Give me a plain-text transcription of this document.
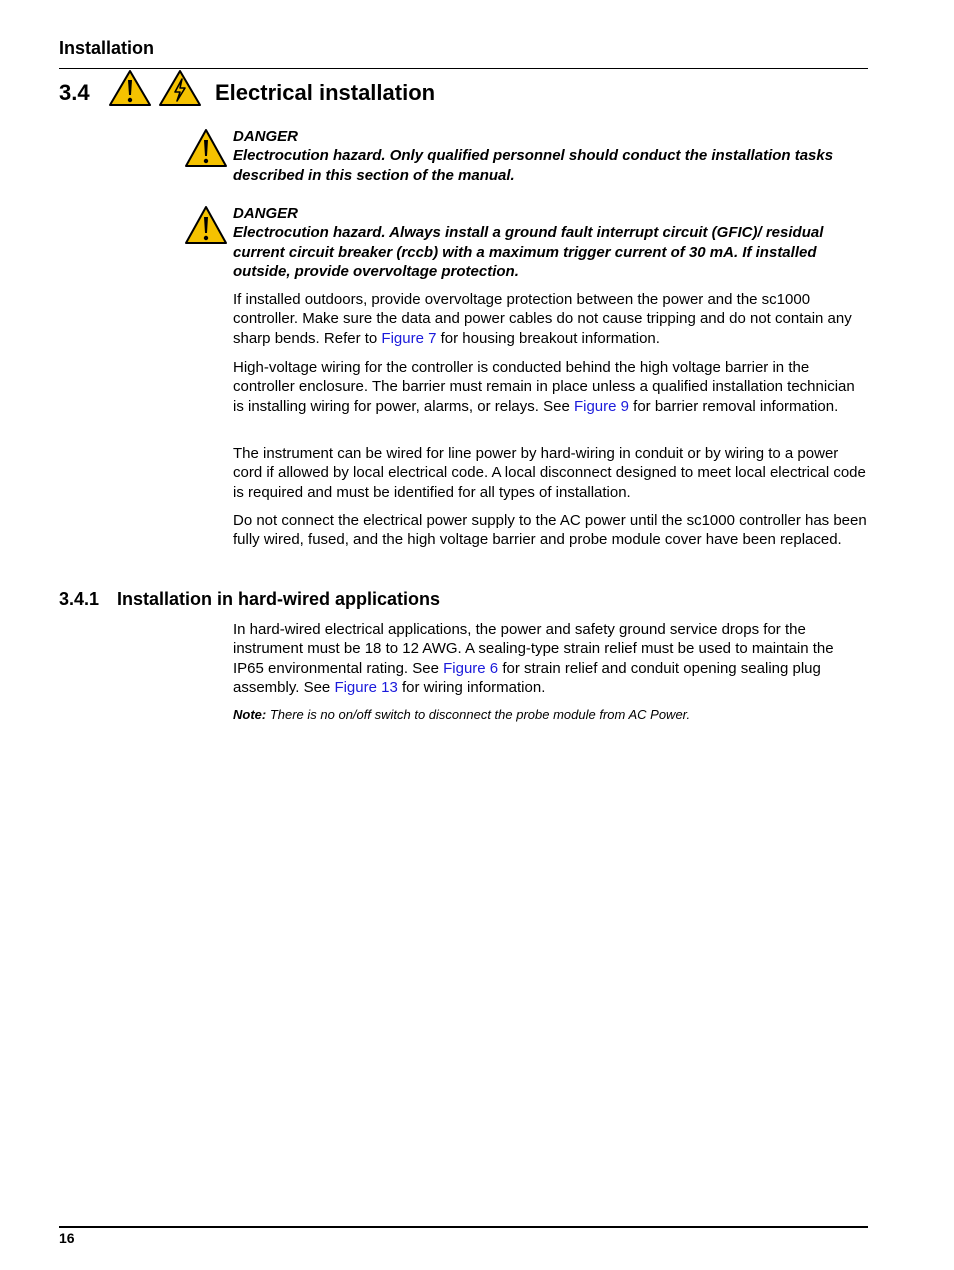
Installation
3.4	Electrical installation
DANGER
Electrocution hazard. Only qualified personnel should conduct the installation tasks described in this section of the manual.
DANGER
Electrocution hazard. Always install a ground fault interrupt circuit (GFIC)/ residual current circuit breaker (rccb) with a maximum trigger current of 30 mA. If installed outside, provide overvoltage protection.
If installed outdoors, provide overvoltage protection between the power and the sc1000 controller. Make sure the data and power cables do not cause tripping and do not contain any sharp bends. Refer to Figure 7 for housing breakout information.
High-voltage wiring for the controller is conducted behind the high voltage barrier in the controller enclosure. The barrier must remain in place unless a qualified installation technician is installing wiring for power, alarms, or relays. See Figure 9 for barrier removal information.
The instrument can be wired for line power by hard-wiring in conduit or by wiring to a power cord if allowed by local electrical code. A local disconnect designed to meet local electrical code is required and must be identified for all types of installation.
Do not connect the electrical power supply to the AC power until the sc1000 controller has been fully wired, fused, and the high voltage barrier and probe module cover have been replaced.
3.4.1 Installation in hard-wired applications
In hard-wired electrical applications, the power and safety ground service drops for the instrument must be 18 to 12 AWG. A sealing-type strain relief must be used to maintain the IP65 environmental rating. See Figure 6 for strain relief and conduit opening sealing plug assembly. See Figure 13 for wiring information.
Note: There is no on/off switch to disconnect the probe module from AC Power.
16
